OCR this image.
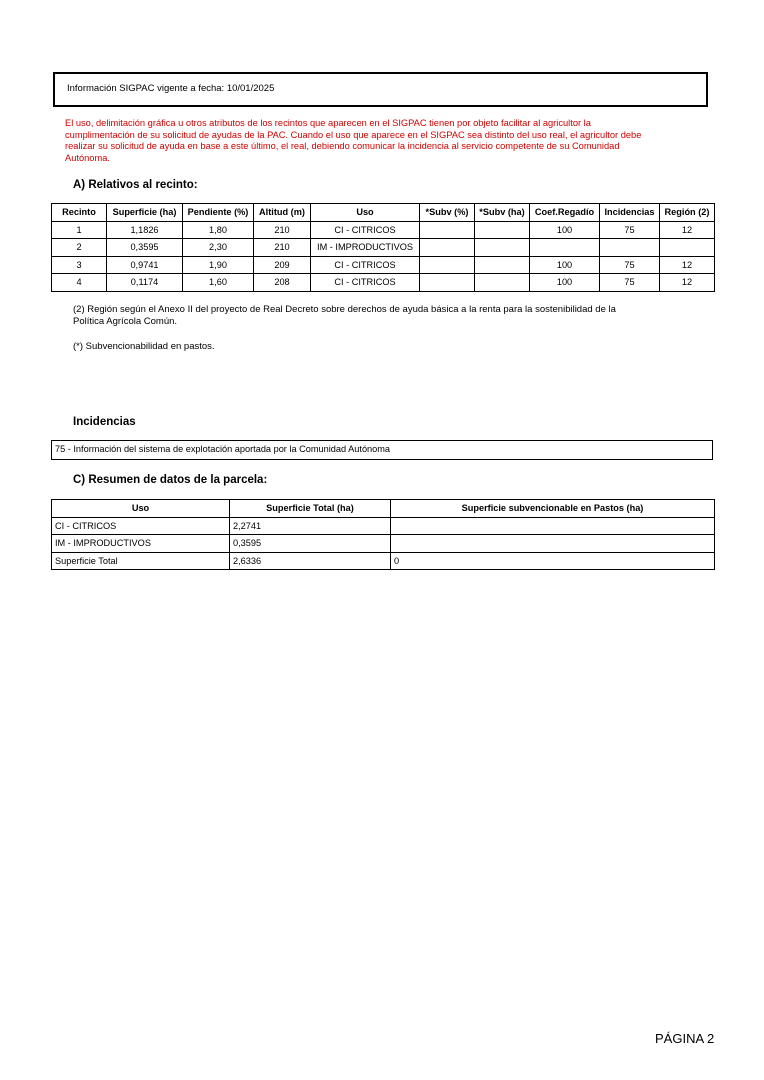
Información SIGPAC vigente a fecha: 10/01/2025
El uso, delimitación gráfica u otros atributos de los recintos que aparecen en el SIGPAC tienen por objeto facilitar al agricultor la
cumplimentación de su solicitud de ayudas de la PAC. Cuando el uso que aparece en el SIGPAC sea distinto del uso real, el agricultor debe
realizar su solicitud de ayuda en base a este último, el real, debiendo comunicar la incidencia al servicio competente de su Comunidad
Autónoma.
A) Relativos al recinto:
Recinto	Superficie (ha)	Pendiente (%)	Altitud (m)	Uso	*Subv (%)	*Subv (ha)	Coef.Regadío	Incidencias	Región (2)
1	1,1826	1,80	210	CI - CITRICOS			100	75	12
2	0,3595	2,30	210	IM - IMPRODUCTIVOS					
3	0,9741	1,90	209	CI - CITRICOS			100	75	12
4	0,1174	1,60	208	CI - CITRICOS			100	75	12
(2) Región según el Anexo II del proyecto de Real Decreto sobre derechos de ayuda básica a la renta para la sostenibilidad de la
Política Agrícola Común.
(*) Subvencionabilidad en pastos.
Incidencias
75 - Información del sistema de explotación aportada por la Comunidad Autónoma
C) Resumen de datos de la parcela:
Uso	Superficie Total (ha)	Superficie subvencionable en Pastos (ha)
CI - CITRICOS	2,2741	
IM - IMPRODUCTIVOS	0,3595	
Superficie Total	2,6336	0
PÁGINA 2
